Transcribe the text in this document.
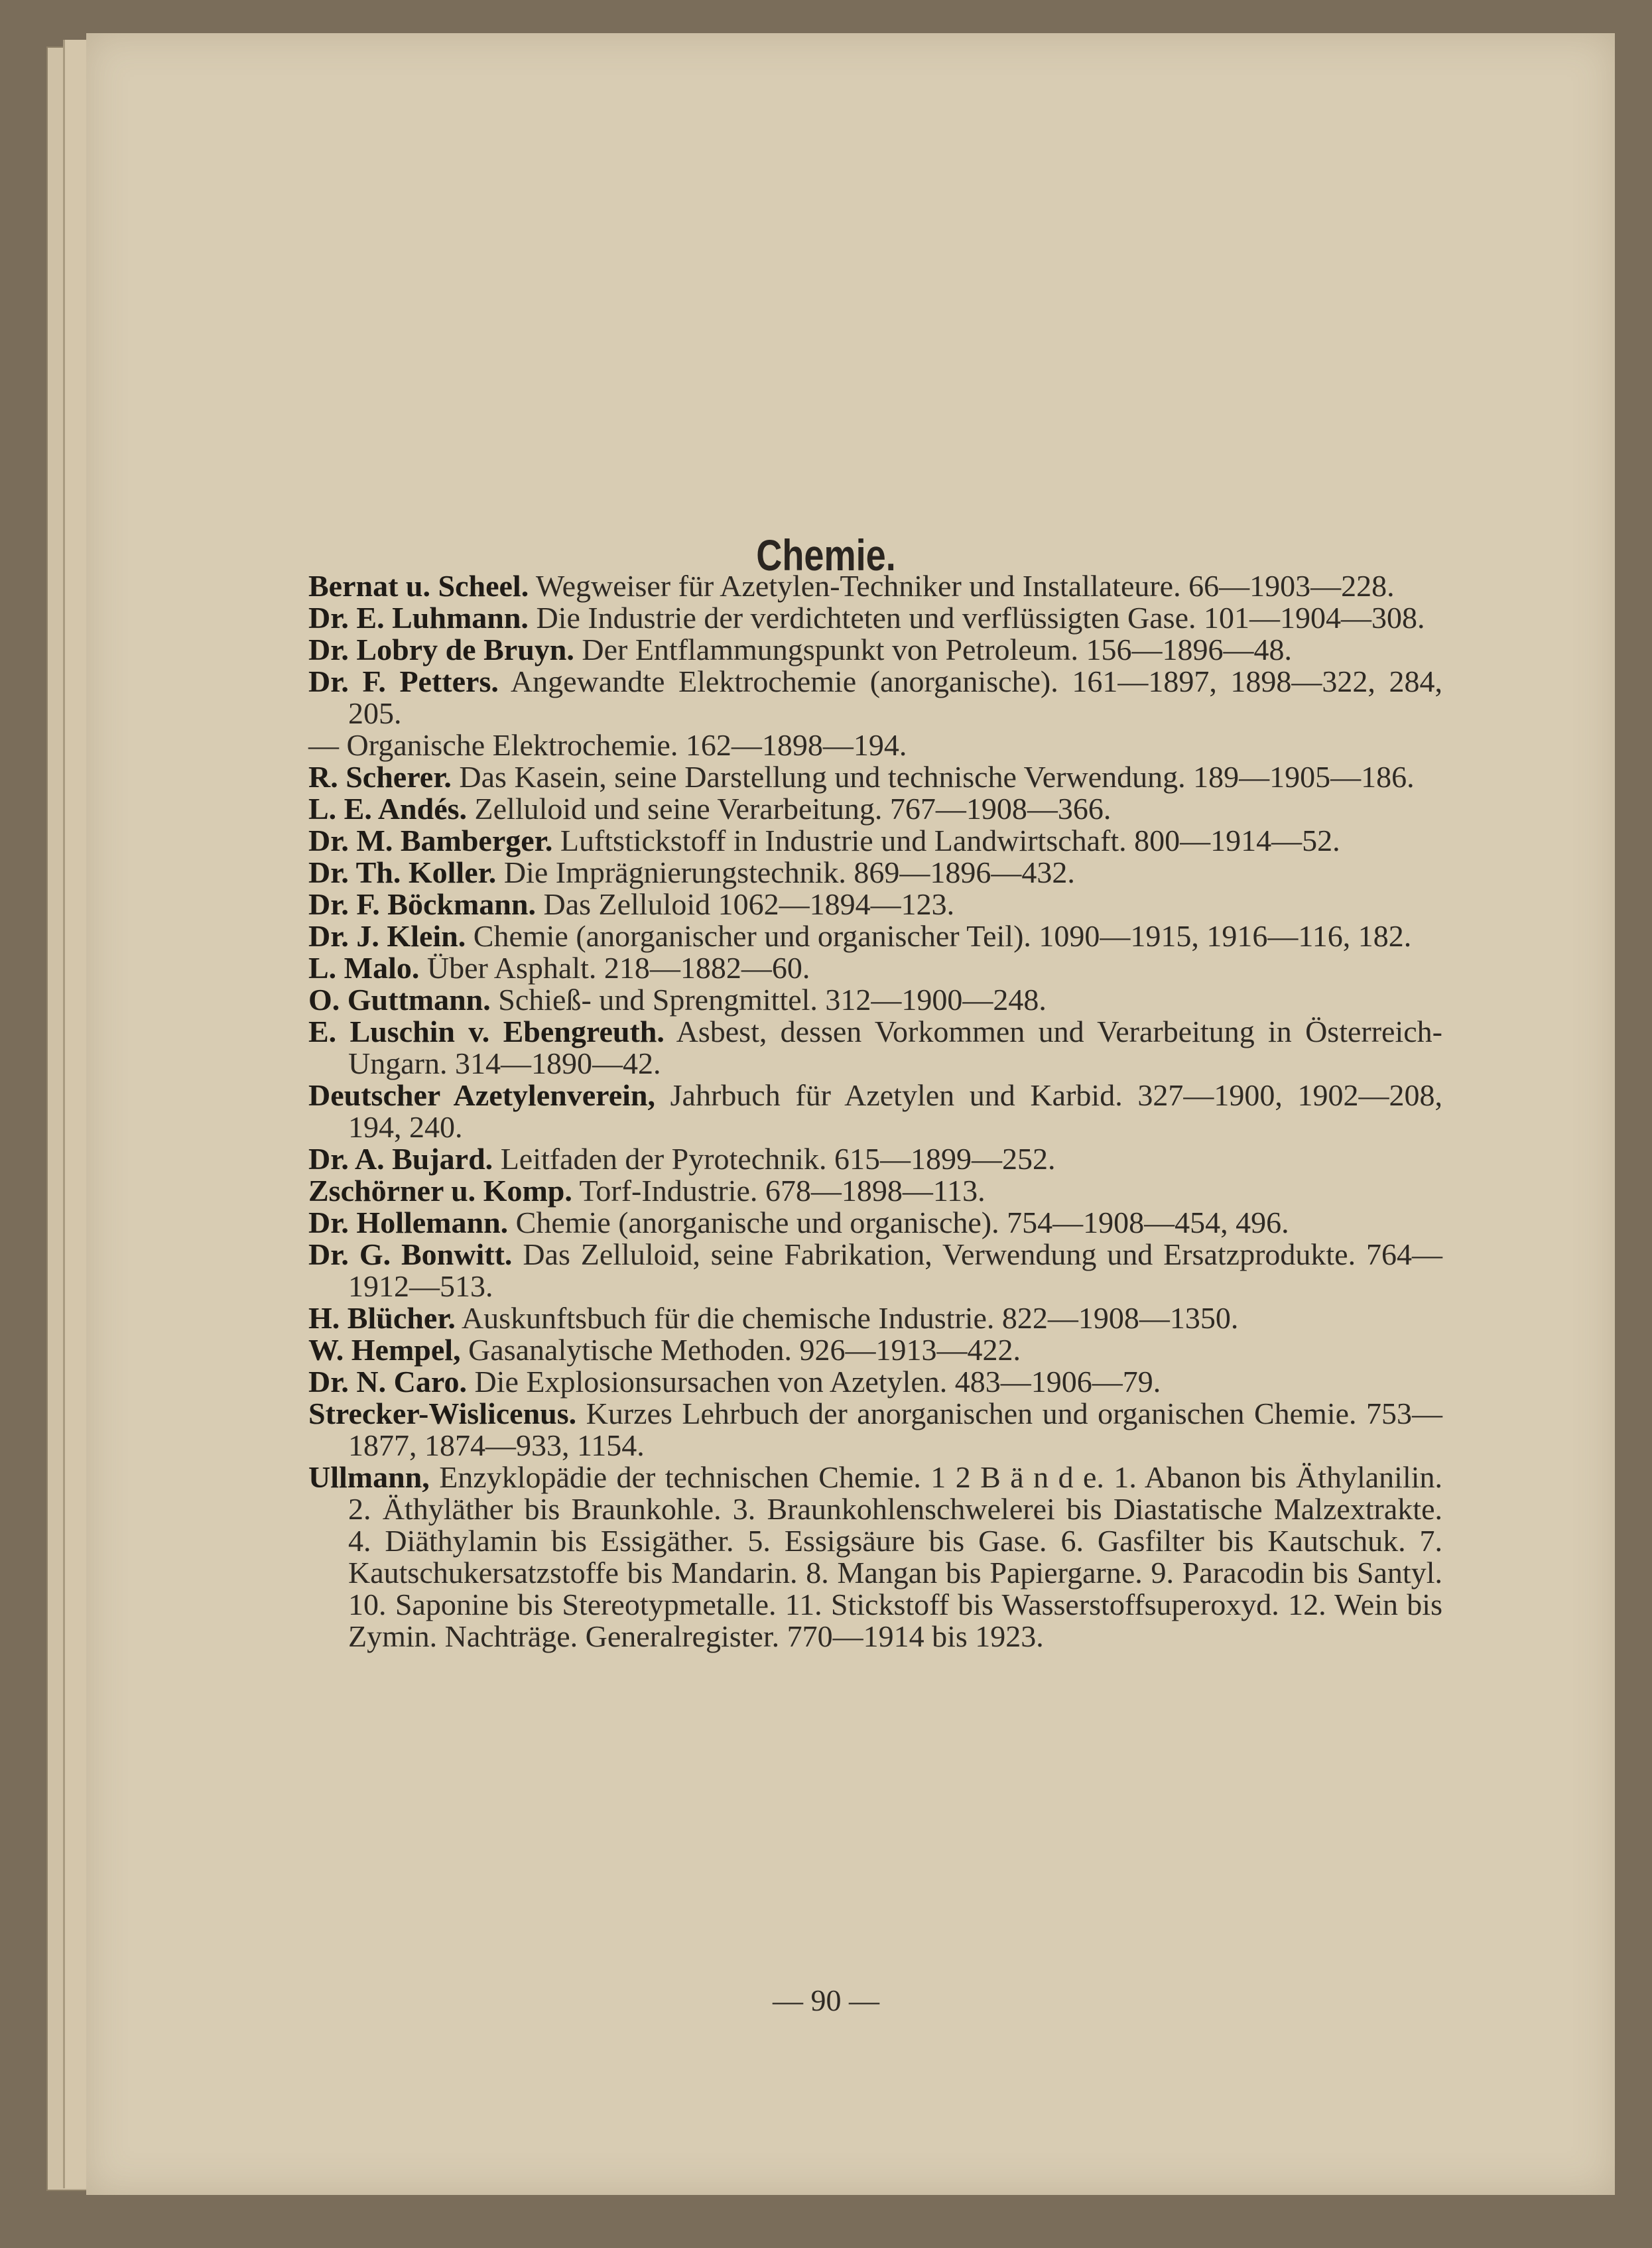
Chemie.

Bernat u. Scheel. Wegweiser für Azetylen-Techniker und Installateure. 66—1903—228.

Dr. E. Luhmann. Die Industrie der verdichteten und verflüssigten Gase. 101—1904—308.

Dr. Lobry de Bruyn. Der Entflammungspunkt von Petroleum. 156—1896—48.

Dr. F. Petters. Angewandte Elektrochemie (anorganische). 161—1897, 1898—322, 284, 205.

— Organische Elektrochemie. 162—1898—194.

R. Scherer. Das Kasein, seine Darstellung und technische Verwendung. 189—1905—186.

L. E. Andés. Zelluloid und seine Verarbeitung. 767—1908—366.

Dr. M. Bamberger. Luftstickstoff in Industrie und Landwirtschaft. 800—1914—52.

Dr. Th. Koller. Die Imprägnierungstechnik. 869—1896—432.

Dr. F. Böckmann. Das Zelluloid 1062—1894—123.

Dr. J. Klein. Chemie (anorganischer und organischer Teil). 1090—1915, 1916—116, 182.

L. Malo. Über Asphalt. 218—1882—60.

O. Guttmann. Schieß- und Sprengmittel. 312—1900—248.

E. Luschin v. Ebengreuth. Asbest, dessen Vorkommen und Verarbeitung in Österreich-Ungarn. 314—1890—42.

Deutscher Azetylenverein, Jahrbuch für Azetylen und Karbid. 327—1900, 1902—208, 194, 240.

Dr. A. Bujard. Leitfaden der Pyrotechnik. 615—1899—252.

Zschörner u. Komp. Torf-Industrie. 678—1898—113.

Dr. Hollemann. Chemie (anorganische und organische). 754—1908—454, 496.

Dr. G. Bonwitt. Das Zelluloid, seine Fabrikation, Verwendung und Ersatzprodukte. 764—1912—513.

H. Blücher. Auskunftsbuch für die chemische Industrie. 822—1908—1350.

W. Hempel, Gasanalytische Methoden. 926—1913—422.

Dr. N. Caro. Die Explosionsursachen von Azetylen. 483—1906—79.

Strecker-Wislicenus. Kurzes Lehrbuch der anorganischen und organischen Chemie. 753—1877, 1874—933, 1154.

Ullmann, Enzyklopädie der technischen Chemie. 1 2 B ä n d e. 1. Abanon bis Äthylanilin. 2. Äthyläther bis Braunkohle. 3. Braunkohlenschwelerei bis Diastatische Malzextrakte. 4. Diäthylamin bis Essigäther. 5. Essigsäure bis Gase. 6. Gasfilter bis Kautschuk. 7. Kautschukersatzstoffe bis Mandarin. 8. Mangan bis Papiergarne. 9. Paracodin bis Santyl. 10. Saponine bis Stereotypmetalle. 11. Stickstoff bis Wasserstoffsuperoxyd. 12. Wein bis Zymin. Nachträge. Generalregister. 770—1914 bis 1923.

— 90 —
